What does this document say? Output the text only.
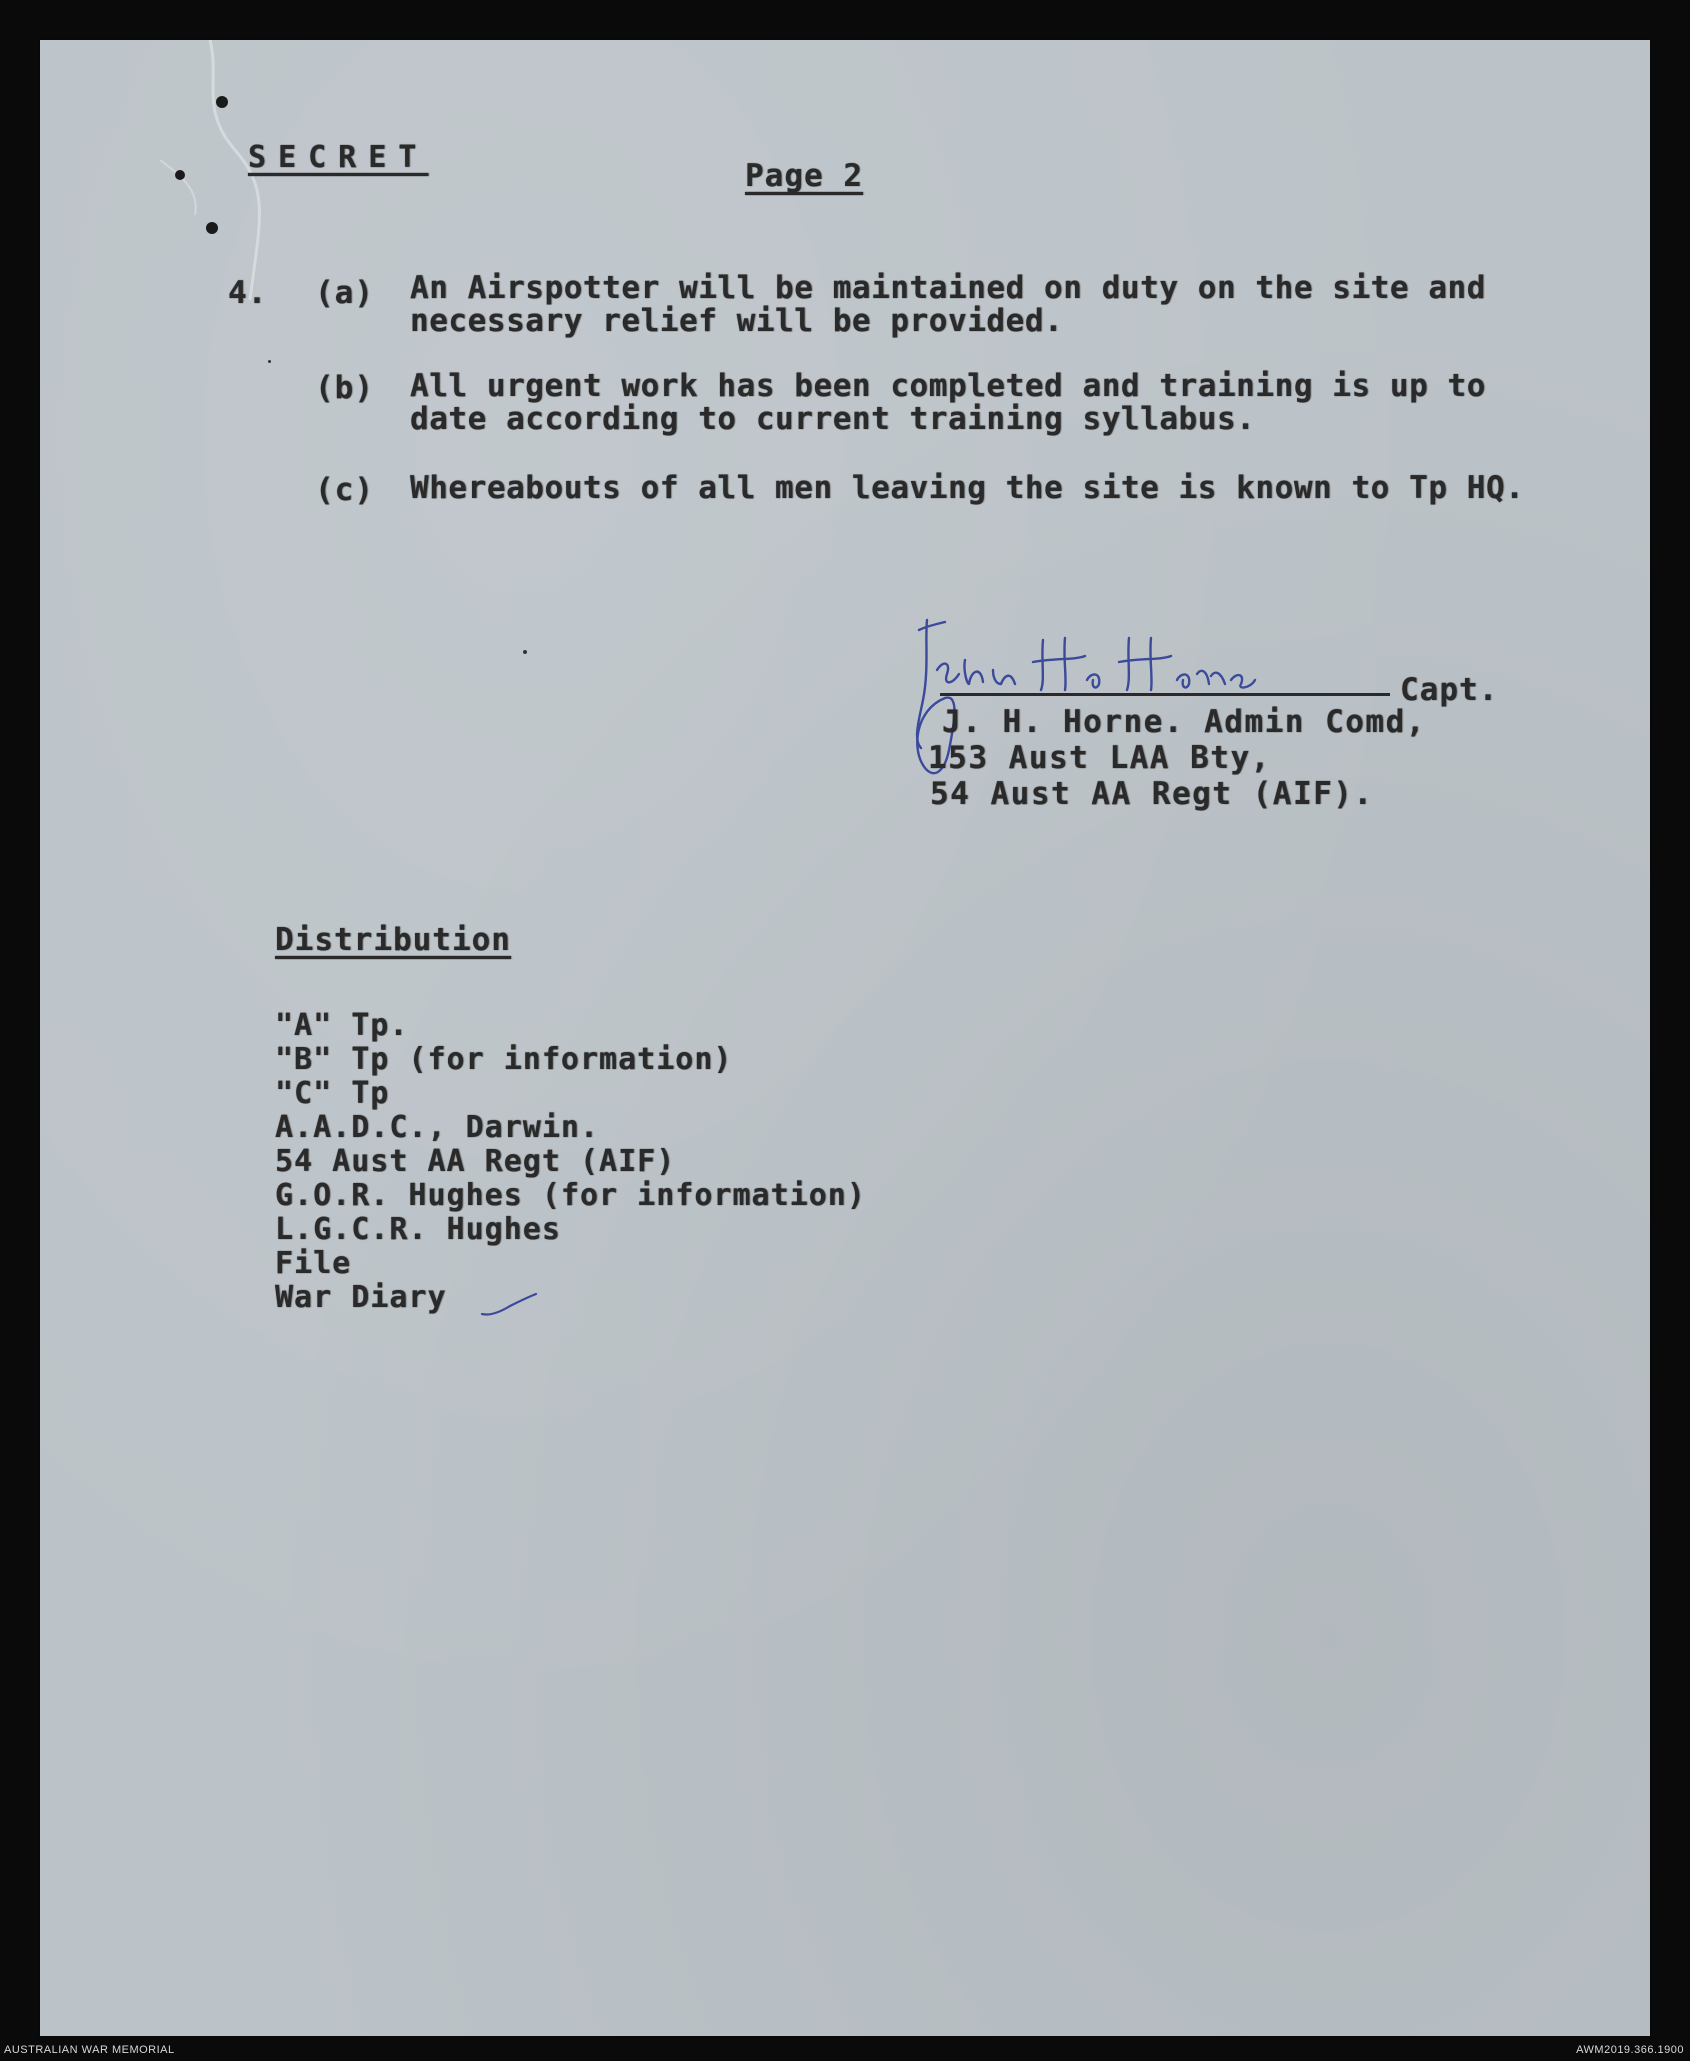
SECRET
Page 2
4. (a) An Airspotter will be maintained on duty on the site and
necessary relief will be provided.
(b) All urgent work has been completed and training is up to
date according to current training syllabus.
(c) Whereabouts of all men leaving the site is known to Tp HQ.
Capt.
J. H. Horne. Admin Comd,
153 Aust LAA Bty,
54 Aust AA Regt (AIF).
Distribution
"A" Tp.
"B" Tp (for information)
"C" Tp
A.A.D.C., Darwin.
54 Aust AA Regt (AIF)
G.O.R. Hughes (for information)
L.G.C.R. Hughes
File
War Diary
AUSTRALIAN WAR MEMORIAL	AWM2019.366.1900
